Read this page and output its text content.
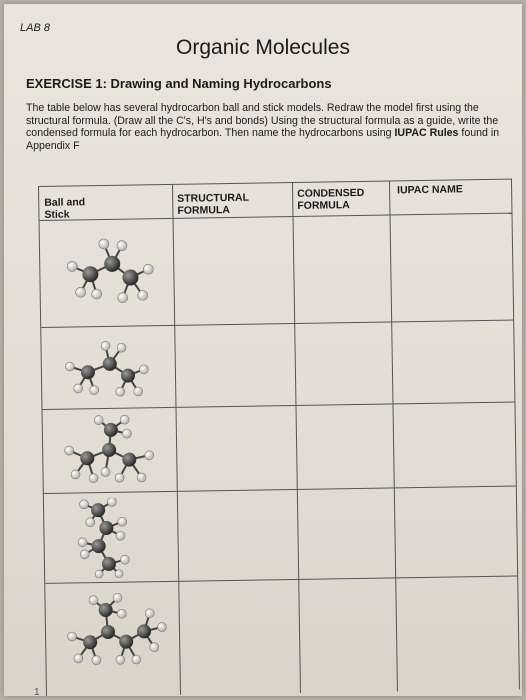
LAB 8
Organic Molecules
EXERCISE 1: Drawing and Naming Hydrocarbons
The table below has several hydrocarbon ball and stick models. Redraw the model first using the structural formula. (Draw all the C's, H's and bonds) Using the structural formula as a guide, write the condensed formula for each hydrocarbon. Then name the hydrocarbons using IUPAC Rules found in Appendix F
Ball and
Stick
STRUCTURAL
FORMULA
CONDENSED
FORMULA
IUPAC NAME
1
